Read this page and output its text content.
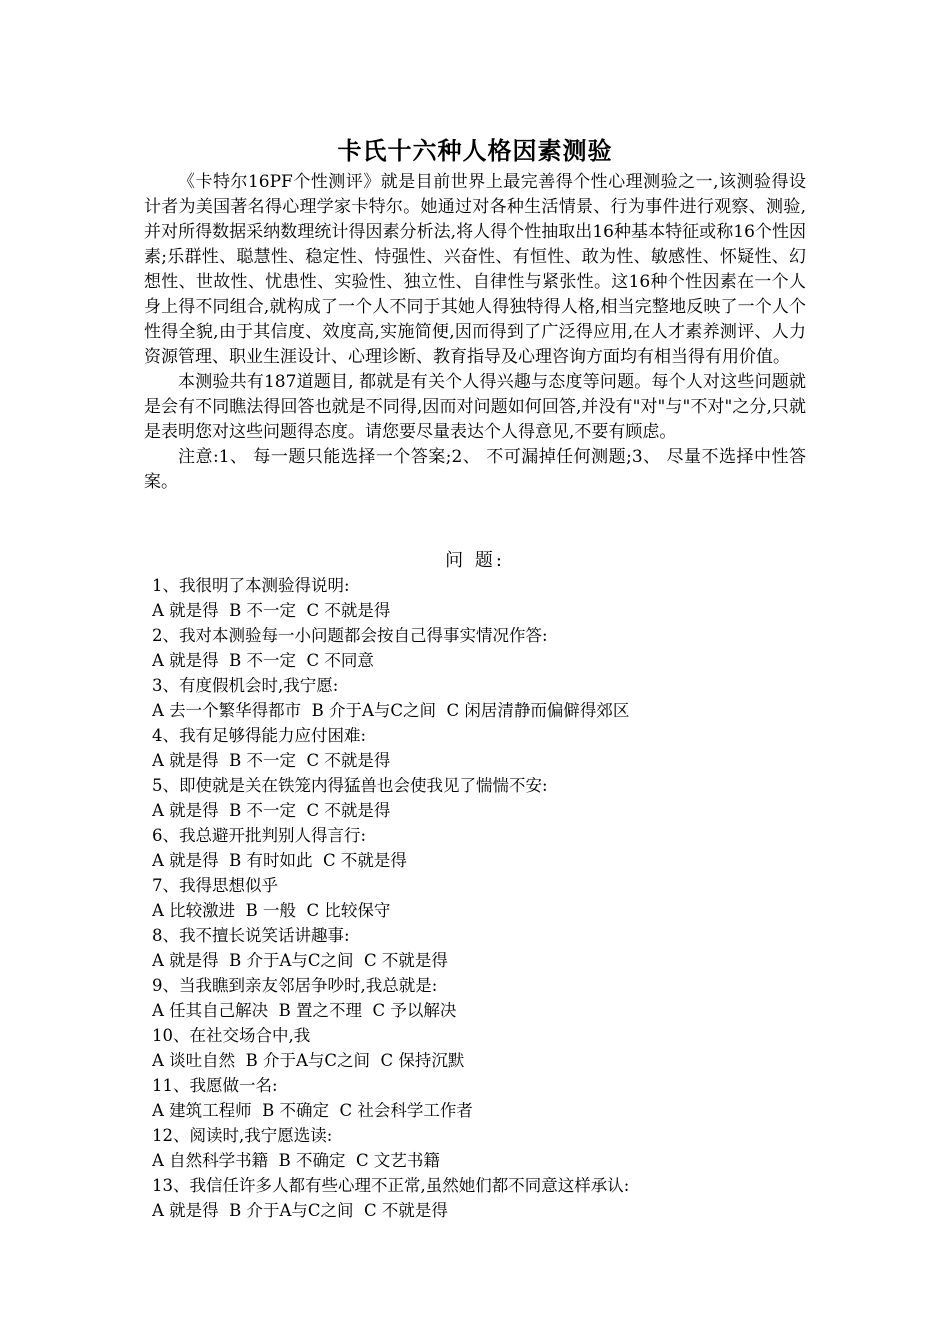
卡氏十六种人格因素测验

《卡特尔16PF个性测评》就是目前世界上最完善得个性心理测验之一,该测验得设计者为美国著名得心理学家卡特尔。她通过对各种生活情景、行为事件进行观察、测验,并对所得数据采纳数理统计得因素分析法,将人得个性抽取出16种基本特征或称16个性因素;乐群性、聪慧性、稳定性、恃强性、兴奋性、有恒性、敢为性、敏感性、怀疑性、幻想性、世故性、忧患性、实验性、独立性、自律性与紧张性。这16种个性因素在一个人身上得不同组合,就构成了一个人不同于其她人得独特得人格,相当完整地反映了一个人个性得全貌,由于其信度、效度高,实施简便,因而得到了广泛得应用,在人才素养测评、人力资源管理、职业生涯设计、心理诊断、教育指导及心理咨询方面均有相当得有用价值。

本测验共有187道题目, 都就是有关个人得兴趣与态度等问题。每个人对这些问题就是会有不同瞧法得回答也就是不同得,因而对问题如何回答,并没有"对"与"不对"之分,只就是表明您对这些问题得态度。请您要尽量表达个人得意见,不要有顾虑。

注意:1、 每一题只能选择一个答案;2、 不可漏掉任何测题;3、 尽量不选择中性答案。

问 题:
1、我很明了本测验得说明:
A 就是得  B 不一定  C 不就是得
2、我对本测验每一小问题都会按自己得事实情况作答:
A 就是得  B 不一定  C 不同意
3、有度假机会时,我宁愿:
A 去一个繁华得都市  B 介于A与C之间  C 闲居清静而偏僻得郊区
4、我有足够得能力应付困难:
A 就是得  B 不一定  C 不就是得
5、即使就是关在铁笼内得猛兽也会使我见了惴惴不安:
A 就是得  B 不一定  C 不就是得
6、我总避开批判别人得言行:
A 就是得  B 有时如此  C 不就是得
7、我得思想似乎
A 比较激进  B 一般  C 比较保守
8、我不擅长说笑话讲趣事:
A 就是得  B 介于A与C之间  C 不就是得
9、当我瞧到亲友邻居争吵时,我总就是:
A 任其自己解决  B 置之不理  C 予以解决
10、在社交场合中,我
A 谈吐自然  B 介于A与C之间  C 保持沉默
11、我愿做一名:
A 建筑工程师  B 不确定  C 社会科学工作者
12、阅读时,我宁愿选读:
A 自然科学书籍  B 不确定  C 文艺书籍
13、我信任许多人都有些心理不正常,虽然她们都不同意这样承认:
A 就是得  B 介于A与C之间  C 不就是得
